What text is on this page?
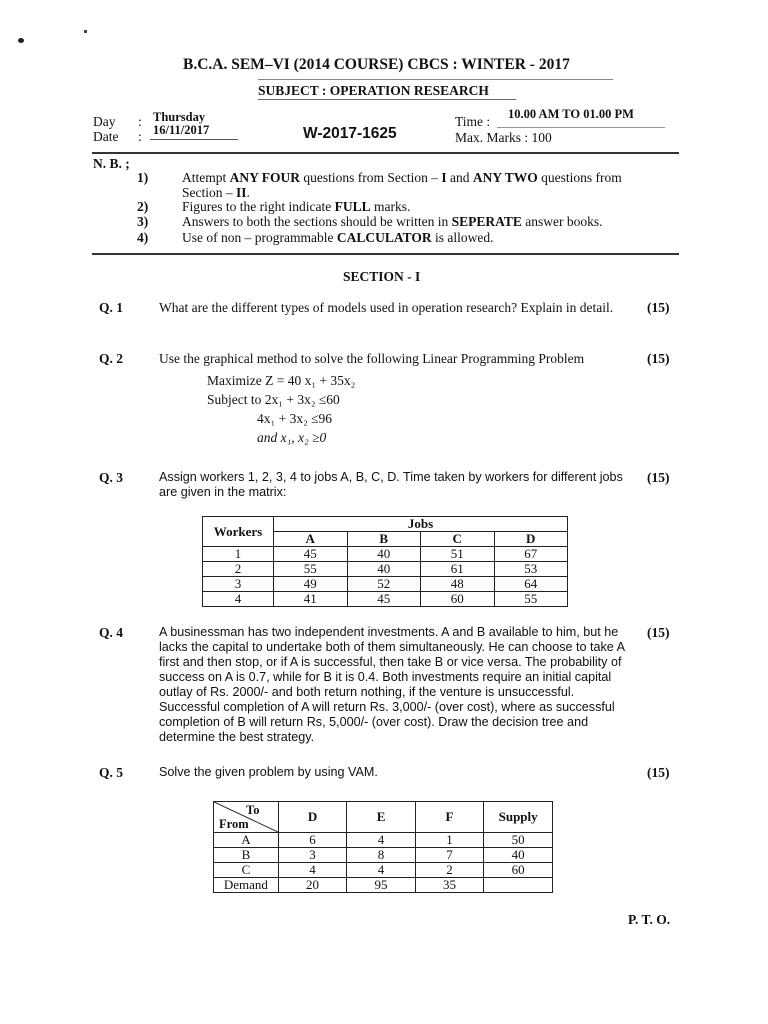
B.C.A. SEM–VI (2014 COURSE) CBCS : WINTER - 2017
SUBJECT : OPERATION RESEARCH
Day : Thursday
Date : 16/11/2017	W-2017-1625
10.00 AM TO 01.00 PM
Time :
Max. Marks : 100
N. B. ;
1)	Attempt ANY FOUR questions from Section – I and ANY TWO questions from
Section – II.
2)	Figures to the right indicate FULL marks.
3)	Answers to both the sections should be written in SEPERATE answer books.
4)	Use of non – programmable CALCULATOR is allowed.
SECTION - I
Q. 1	What are the different types of models used in operation research? Explain in detail.	(15)
Q. 2	Use the graphical method to solve the following Linear Programming Problem	(15)
Maximize Z = 40 x₁ + 35x₂
Subject to 2x₁ + 3x₂ ≤60
4x₁ + 3x₂ ≤96
and x₁, x₂ ≥0
Q. 3	Assign workers 1, 2, 3, 4 to jobs A, B, C, D. Time taken by workers for different jobs are given in the matrix:
(15)
Workers	Jobs			
	A	B	C	D
1	45	40	51	67
2	55	40	61	53
3	49	52	48	64
4	41	45	60	55
Q. 4	A businessman has two independent investments. A and B available to him, but he lacks the capital to undertake both of them simultaneously. He can choose to take A first and then stop, or if A is successful, then take B or vice versa. The probability of success on A is 0.7, while for B it is 0.4. Both investments require an initial capital outlay of Rs. 2000/- and both return nothing, if the venture is unsuccessful. Successful completion of A will return Rs. 3,000/- (over cost), where as successful completion of B will return Rs, 5,000/- (over cost). Draw the decision tree and determine the best strategy.
(15)
Q. 5	Solve the given problem by using VAM.	(15)
To
From	D	E	F	Supply
A	6	4	1	50
B	3	8	7	40
C	4	4	2	60
Demand	20	95	35	
P. T. O.
